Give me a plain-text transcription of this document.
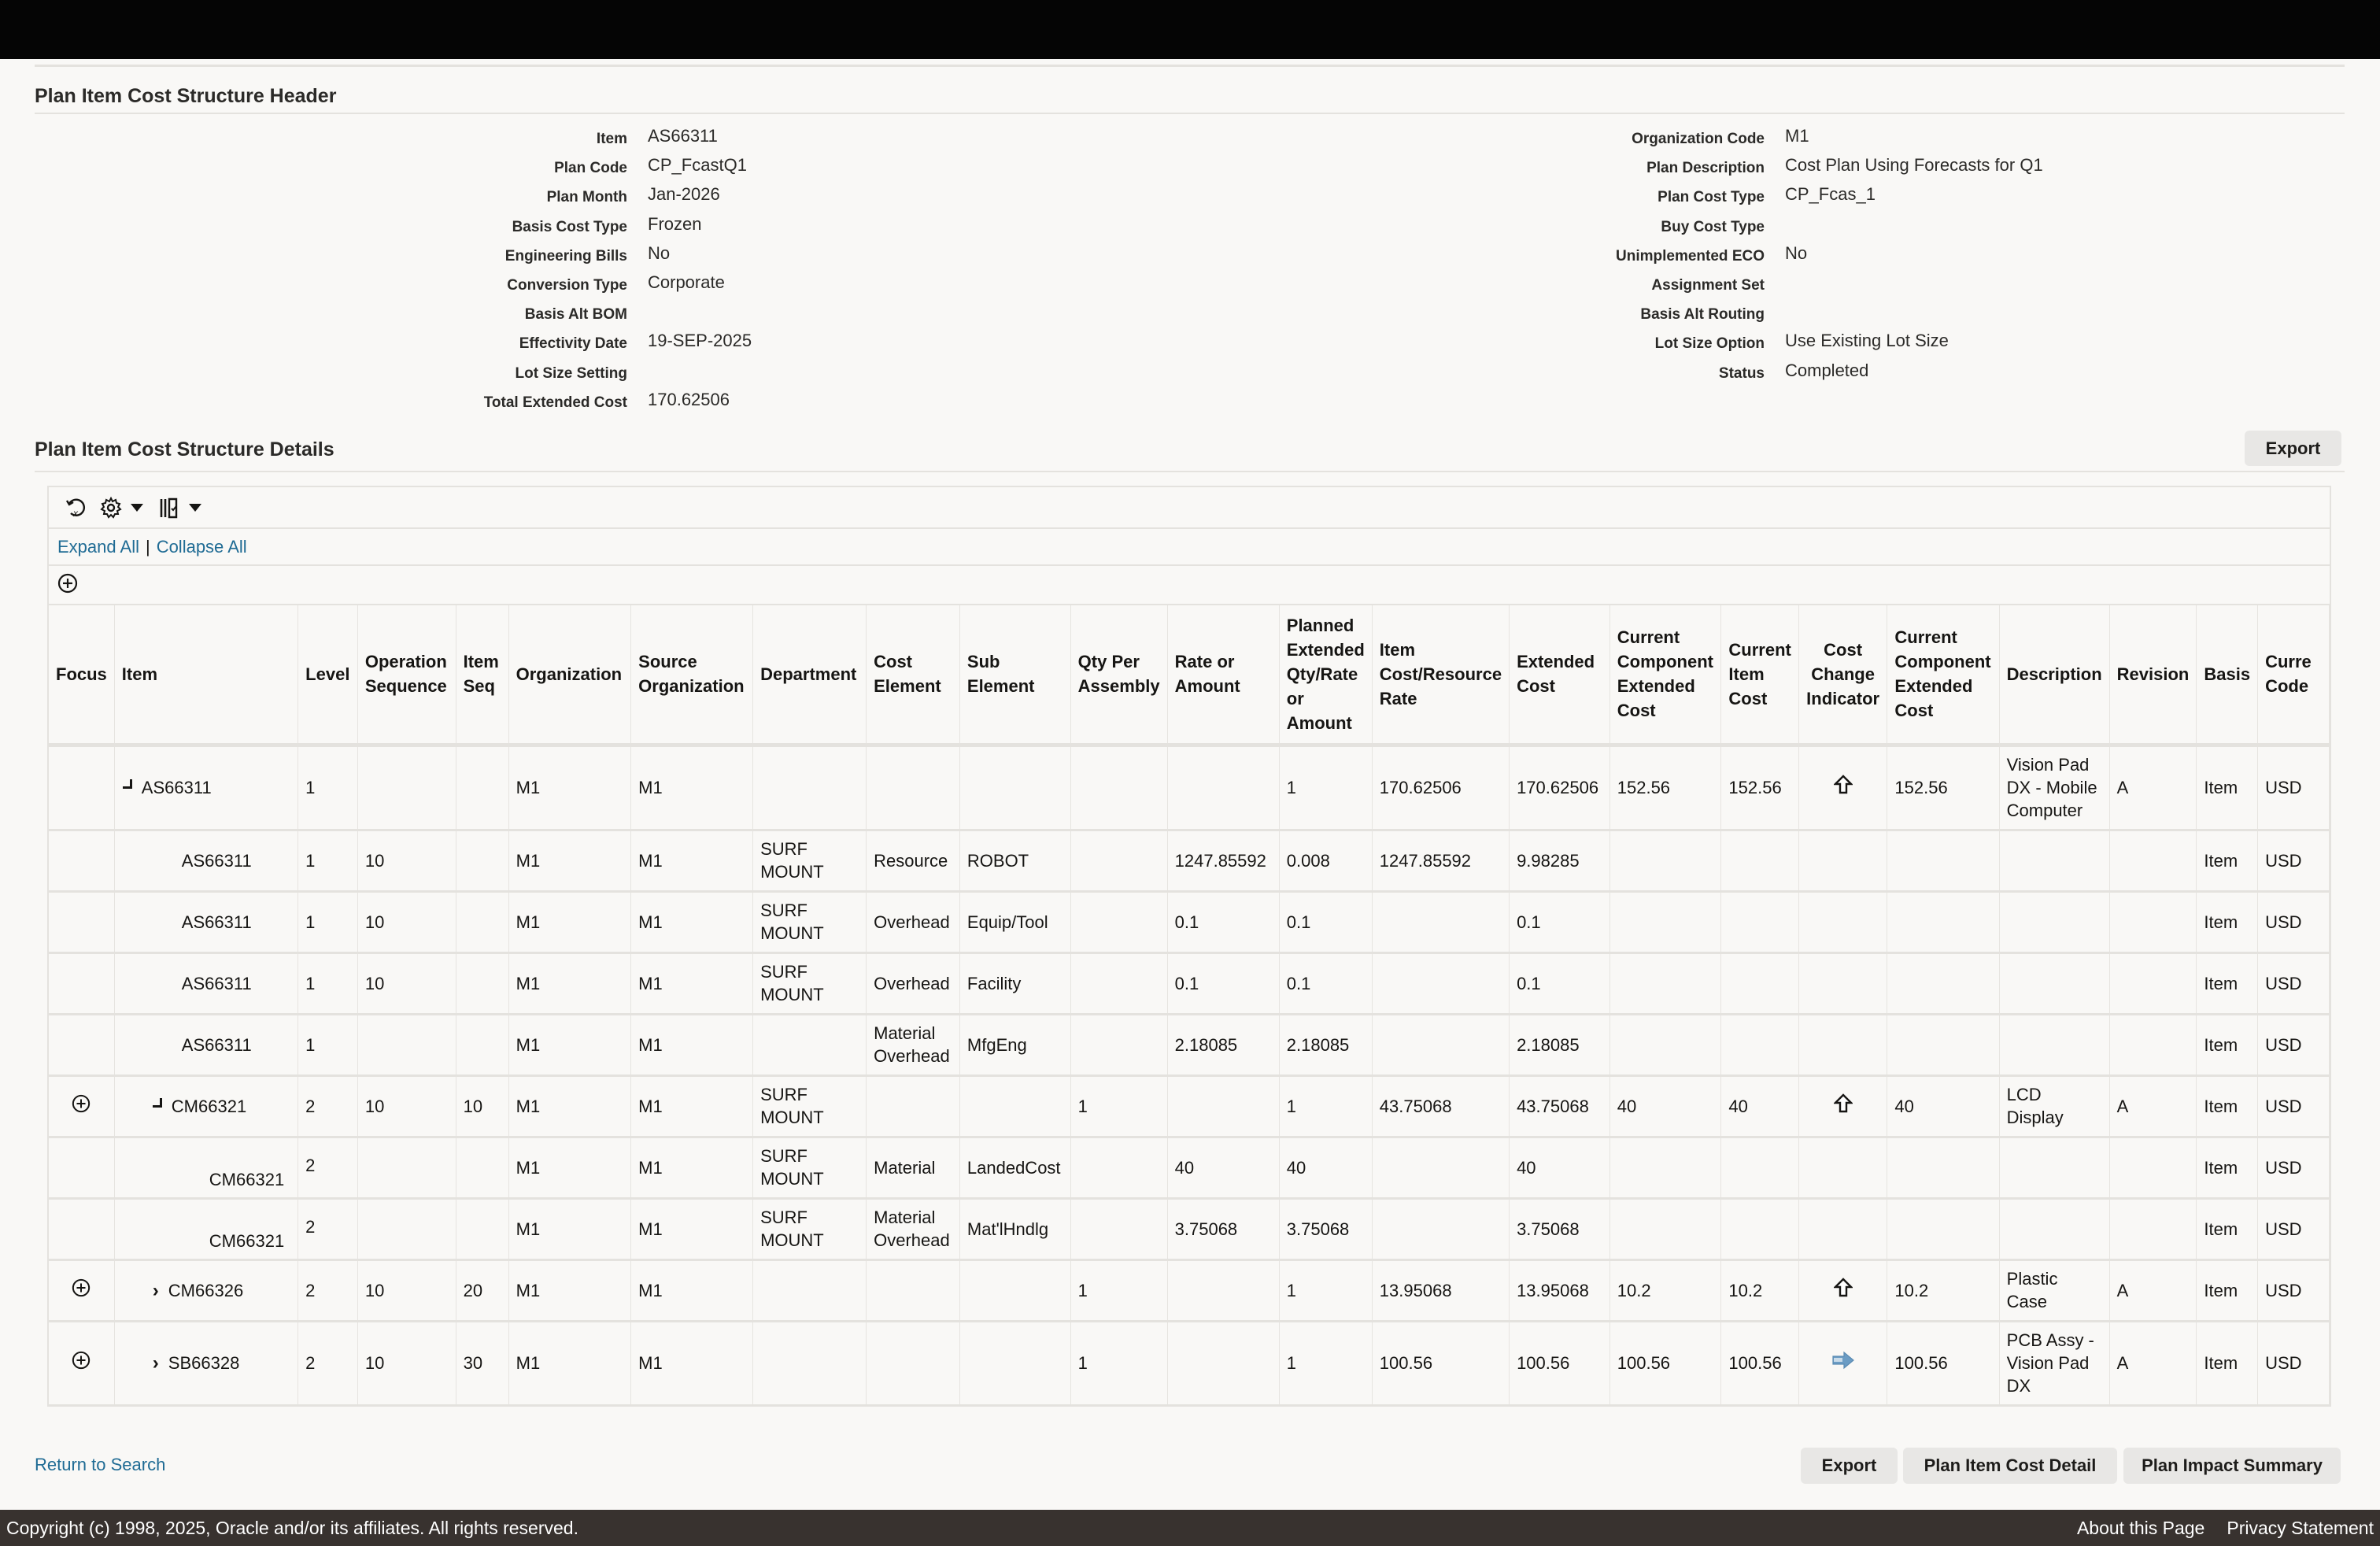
Plan Item Cost Structure Header
Item AS66311
Plan Code CP_FcastQ1
Plan Month Jan-2026
Basis Cost Type Frozen
Engineering Bills No
Conversion Type Corporate
Basis Alt BOM
Effectivity Date 19-SEP-2025
Lot Size Setting
Total Extended Cost 170.62506
Organization Code M1
Plan Description Cost Plan Using Forecasts for Q1
Plan Cost Type CP_Fcas_1
Buy Cost Type
Unimplemented ECO No
Assignment Set
Basis Alt Routing
Lot Size Option Use Existing Lot Size
Status Completed
Plan Item Cost Structure Details	Export
x
Expand All | Collapse All
Focus	Item	Level	Operation Sequence	Item Seq	Organization	Source Organization	Department	Cost Element	Sub Element	Qty Per Assembly	Rate or Amount	Planned Extended Qty/Rate or Amount	Item Cost/Resource Rate	Extended Cost	Current Component Extended Cost	Current Item Cost	Cost Change Indicator	Current Component Extended Cost	Description	Revision	Basis	Curre Code
	AS66311	1			M1	M1						1	170.62506	170.62506	152.56	152.56		152.56	Vision Pad DX - Mobile Computer	A	Item	USD
	AS66311	1	10		M1	M1	SURF MOUNT	Resource	ROBOT		1247.85592	0.008	1247.85592	9.98285							Item	USD
	AS66311	1	10		M1	M1	SURF MOUNT	Overhead	Equip/Tool		0.1	0.1		0.1							Item	USD
	AS66311	1	10		M1	M1	SURF MOUNT	Overhead	Facility		0.1	0.1		0.1							Item	USD
	AS66311	1			M1	M1		Material Overhead	MfgEng		2.18085	2.18085		2.18085							Item	USD
	CM66321	2	10	10	M1	M1	SURF MOUNT			1		1	43.75068	43.75068	40	40		40	LCD Display	A	Item	USD
	CM66321	2			M1	M1	SURF MOUNT	Material	LandedCost		40	40		40							Item	USD
	CM66321	2			M1	M1	SURF MOUNT	Material Overhead	Mat'lHndlg		3.75068	3.75068		3.75068							Item	USD
	› CM66326	2	10	20	M1	M1				1		1	13.95068	13.95068	10.2	10.2		10.2	Plastic Case	A	Item	USD
	› SB66328	2	10	30	M1	M1				1		1	100.56	100.56	100.56	100.56		100.56	PCB Assy - Vision Pad DX	A	Item	USD
Return to Search	Export	Plan Item Cost Detail	Plan Impact Summary
Copyright (c) 1998, 2025, Oracle and/or its affiliates. All rights reserved.	About this Page Privacy Statement
